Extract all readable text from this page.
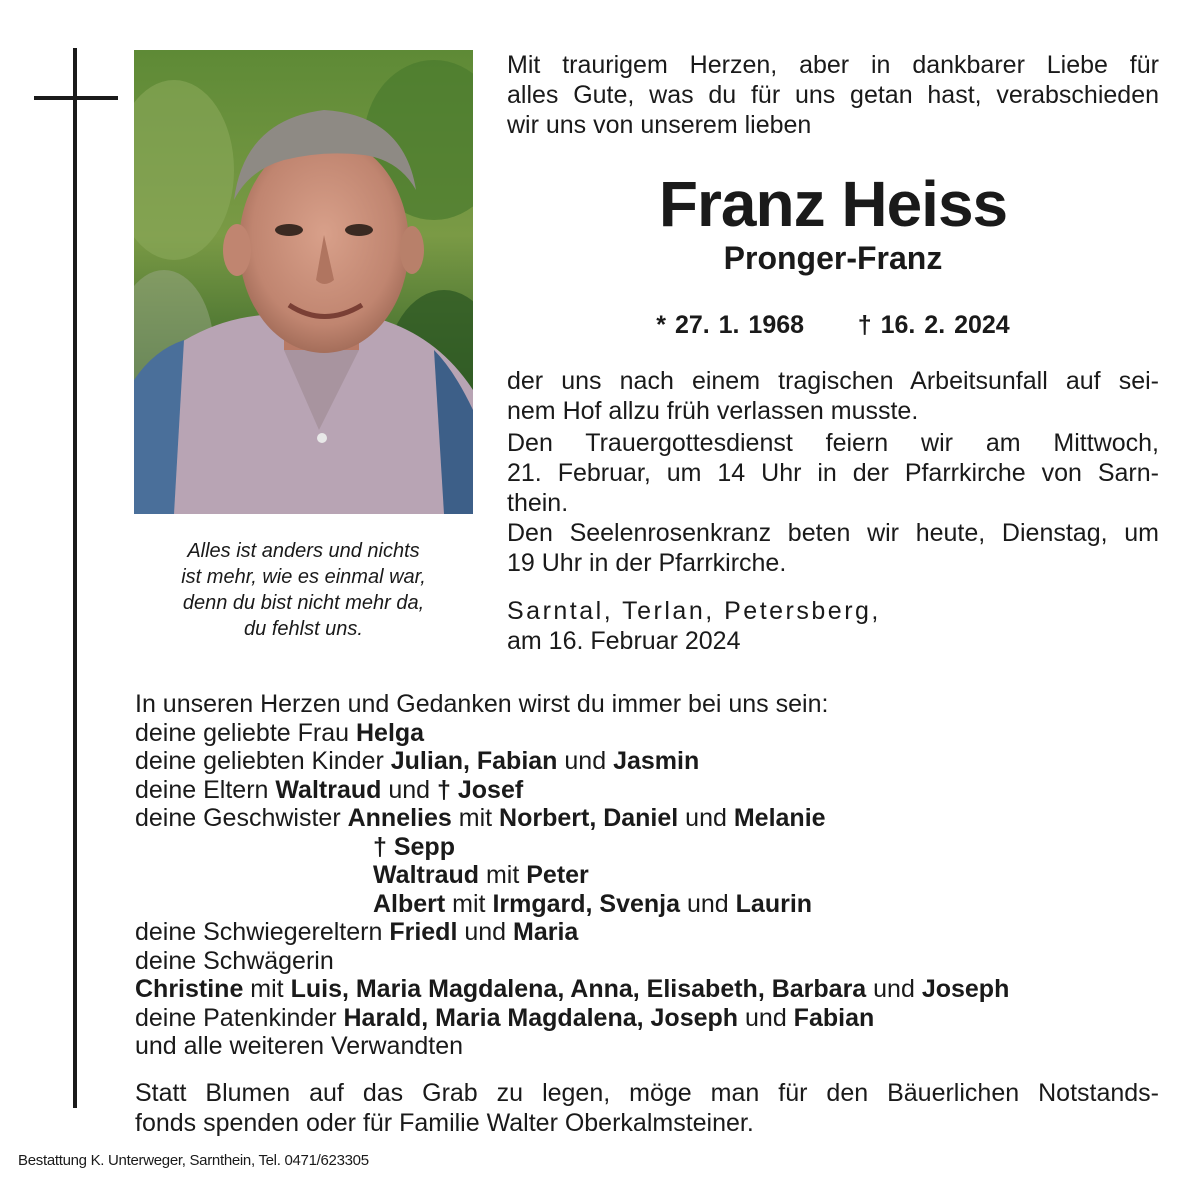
Alles ist anders und nichts
ist mehr, wie es einmal war,
denn du bist nicht mehr da,
du fehlst uns.
Mit traurigem Herzen, aber in dankbarer Liebe für
alles Gute, was du für uns getan hast, verabschieden
wir uns von unserem lieben
Franz Heiss
Pronger-Franz
* 27. 1. 1968 † 16. 2. 2024
der uns nach einem tragischen Arbeitsunfall auf sei-
nem Hof allzu früh verlassen musste.
Den Trauergottesdienst feiern wir am Mittwoch,
21. Februar, um 14 Uhr in der Pfarrkirche von Sarn-
thein.
Den Seelenrosenkranz beten wir heute, Dienstag, um
19 Uhr in der Pfarrkirche.
Sarntal, Terlan, Petersberg,
am 16. Februar 2024
In unseren Herzen und Gedanken wirst du immer bei uns sein:
deine geliebte Frau Helga
deine geliebten Kinder Julian, Fabian und Jasmin
deine Eltern Waltraud und † Josef
deine Geschwister Annelies mit Norbert, Daniel und Melanie
† Sepp
Waltraud mit Peter
Albert mit Irmgard, Svenja und Laurin
deine Schwiegereltern Friedl und Maria
deine Schwägerin
Christine mit Luis, Maria Magdalena, Anna, Elisabeth, Barbara und Joseph
deine Patenkinder Harald, Maria Magdalena, Joseph und Fabian
und alle weiteren Verwandten
Statt Blumen auf das Grab zu legen, möge man für den Bäuerlichen Notstands-
fonds spenden oder für Familie Walter Oberkalmsteiner.
Bestattung K. Unterweger, Sarnthein, Tel. 0471/623305
